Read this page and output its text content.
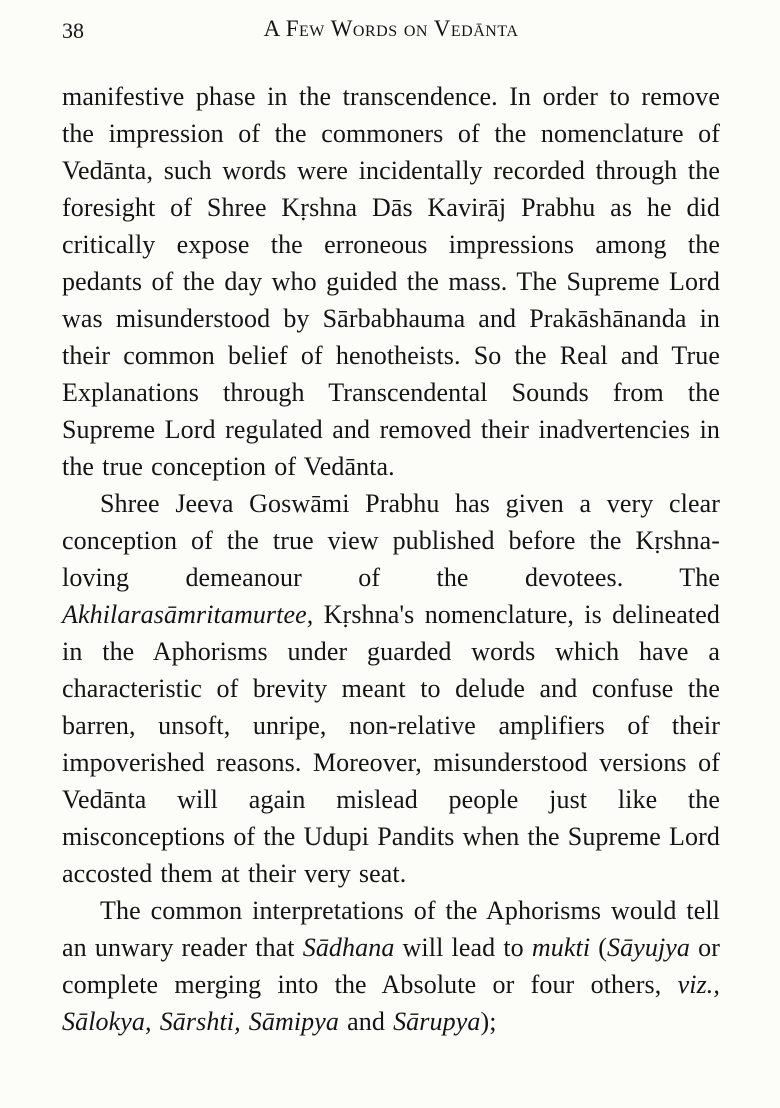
38	A Few Words on Vedānta

manifestive phase in the transcendence. In order to remove the impression of the commoners of the nomenclature of Vedānta, such words were incidentally recorded through the foresight of Shree Kṛshna Dās Kavirāj Prabhu as he did critically expose the erroneous impressions among the pedants of the day who guided the mass. The Supreme Lord was misunderstood by Sārbabhauma and Prakāshānanda in their common belief of henotheists. So the Real and True Explanations through Transcendental Sounds from the Supreme Lord regulated and removed their inadvertencies in the true conception of Vedānta.

Shree Jeeva Goswāmi Prabhu has given a very clear conception of the true view published before the Kṛshna-loving demeanour of the devotees. The Akhilarasāmritamurtee, Kṛshna's nomenclature, is delineated in the Aphorisms under guarded words which have a characteristic of brevity meant to delude and confuse the barren, unsoft, unripe, non-relative amplifiers of their impoverished reasons. Moreover, misunderstood versions of Vedānta will again mislead people just like the misconceptions of the Udupi Pandits when the Supreme Lord accosted them at their very seat.

The common interpretations of the Aphorisms would tell an unwary reader that Sādhana will lead to mukti (Sāyujya or complete merging into the Absolute or four others, viz., Sālokya, Sārshti, Sāmipya and Sārupya);
